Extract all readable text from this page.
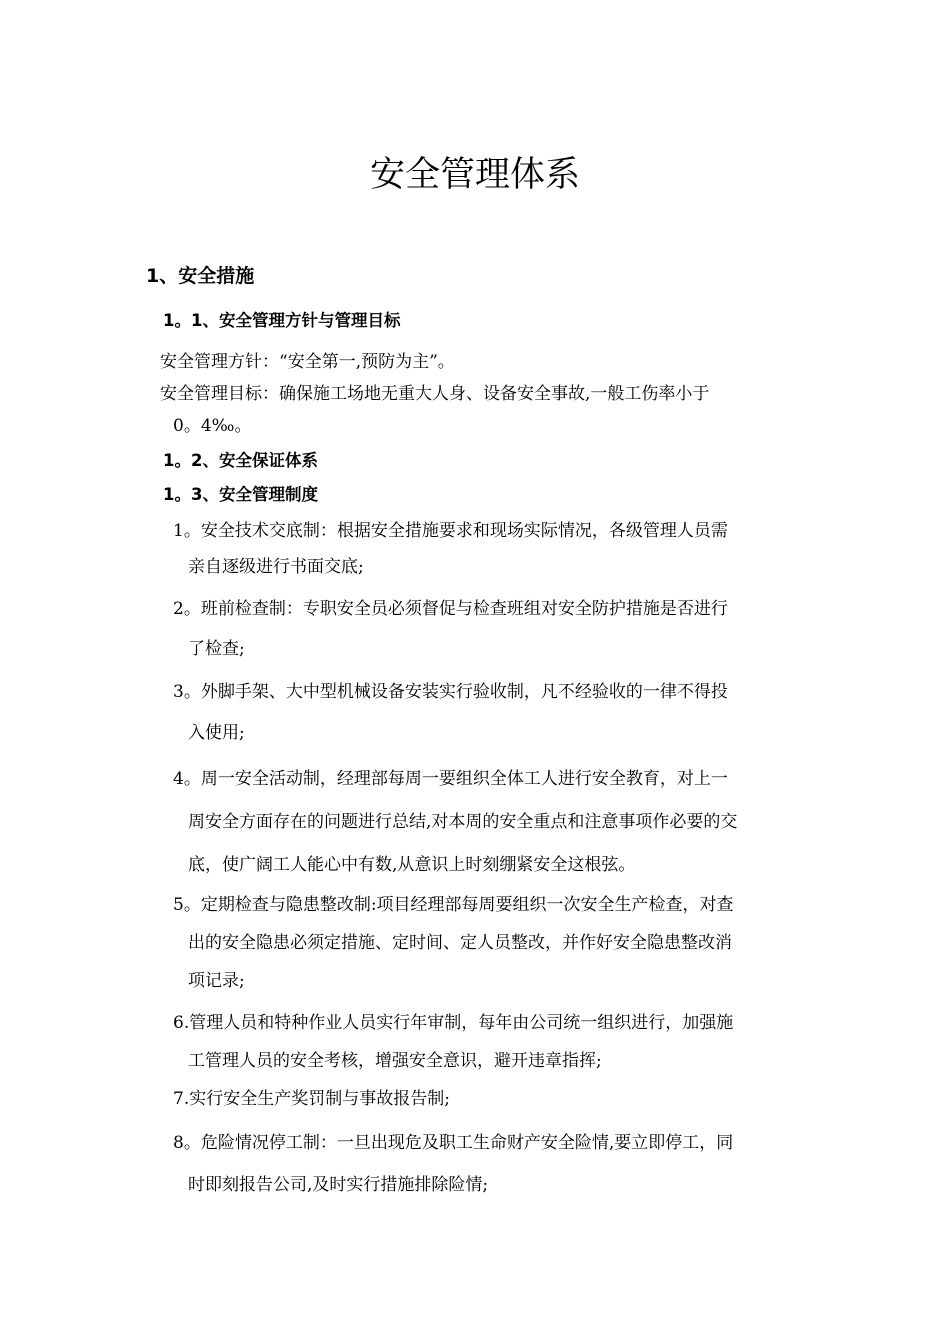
安全管理体系
1、安全措施
1。1、安全管理方针与管理目标

安全管理方针：“安全第一,预防为主”。

安全管理目标：确保施工场地无重大人身、设备安全事故,一般工伤率小于

0。4‰。

1。2、安全保证体系
1。3、安全管理制度
1。安全技术交底制：根据安全措施要求和现场实际情况，各级管理人员需
亲自逐级进行书面交底;
2。班前检查制：专职安全员必须督促与检查班组对安全防护措施是否进行
了检查;
3。外脚手架、大中型机械设备安装实行验收制，凡不经验收的一律不得投
入使用;
4。周一安全活动制，经理部每周一要组织全体工人进行安全教育，对上一
周安全方面存在的问题进行总结,对本周的安全重点和注意事项作必要的交
底，使广阔工人能心中有数,从意识上时刻绷紧安全这根弦。
5。定期检查与隐患整改制:项目经理部每周要组织一次安全生产检查，对查
出的安全隐患必须定措施、定时间、定人员整改，并作好安全隐患整改消
项记录;
6.管理人员和特种作业人员实行年审制，每年由公司统一组织进行，加强施
工管理人员的安全考核，增强安全意识，避开违章指挥;
7.实行安全生产奖罚制与事故报告制;
8。危险情况停工制：一旦出现危及职工生命财产安全险情,要立即停工，同
时即刻报告公司,及时实行措施排除险情;
